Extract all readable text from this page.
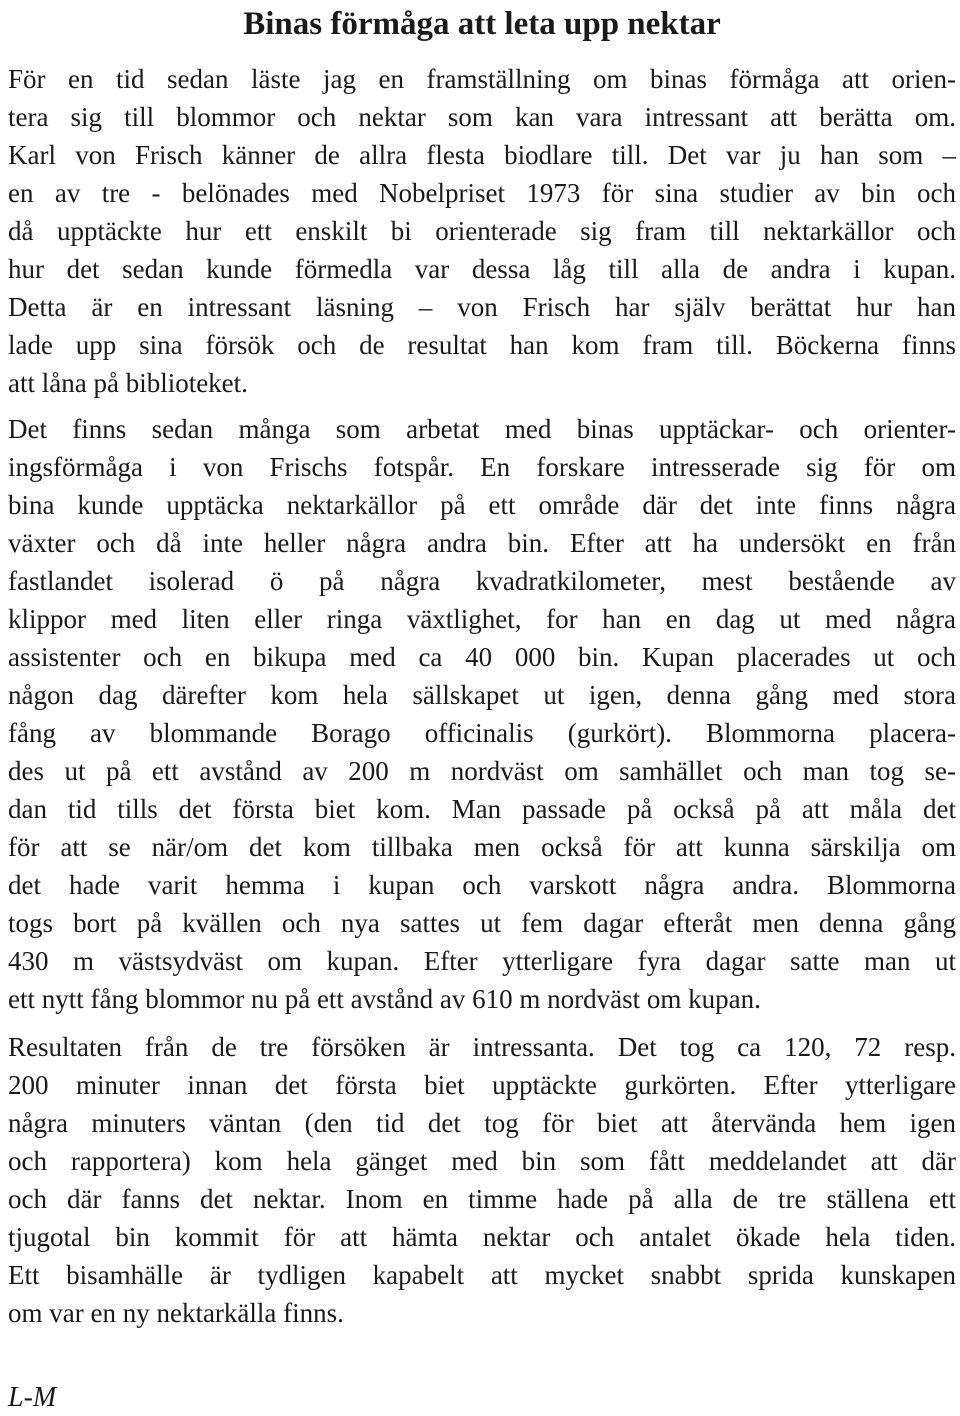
Binas förmåga att leta upp nektar

För en tid sedan läste jag en framställning om binas förmåga att orien-
tera sig till blommor och nektar som kan vara intressant att berätta om.

Karl von Frisch känner de allra flesta biodlare till. Det var ju han som –
en av tre - belönades med Nobelpriset 1973 för sina studier av bin och
då upptäckte hur ett enskilt bi orienterade sig fram till nektarkällor och
hur det sedan kunde förmedla var dessa låg till alla de andra i kupan.
Detta är en intressant läsning – von Frisch har själv berättat hur han
lade upp sina försök och de resultat han kom fram till. Böckerna finns
att låna på biblioteket.

Det finns sedan många som arbetat med binas upptäckar- och orienter-
ingsförmåga i von Frischs fotspår. En forskare intresserade sig för om
bina kunde upptäcka nektarkällor på ett område där det inte finns några
växter och då inte heller några andra bin. Efter att ha undersökt en från
fastlandet isolerad ö på några kvadratkilometer, mest bestående av
klippor med liten eller ringa växtlighet, for han en dag ut med några
assistenter och en bikupa med ca 40 000 bin. Kupan placerades ut och
någon dag därefter kom hela sällskapet ut igen, denna gång med stora
fång av blommande Borago officinalis (gurkört). Blommorna placera-
des ut på ett avstånd av 200 m nordväst om samhället och man tog se-
dan tid tills det första biet kom. Man passade på också på att måla det
för att se när/om det kom tillbaka men också för att kunna särskilja om
det hade varit hemma i kupan och varskott några andra. Blommorna
togs bort på kvällen och nya sattes ut fem dagar efteråt men denna gång
430 m västsydväst om kupan. Efter ytterligare fyra dagar satte man ut
ett nytt fång blommor nu på ett avstånd av 610 m nordväst om kupan.

Resultaten från de tre försöken är intressanta. Det tog ca 120, 72 resp.
200 minuter innan det första biet upptäckte gurkörten. Efter ytterligare
några minuters väntan (den tid det tog för biet att återvända hem igen
och rapportera) kom hela gänget med bin som fått meddelandet att där
och där fanns det nektar. Inom en timme hade på alla de tre ställena ett
tjugotal bin kommit för att hämta nektar och antalet ökade hela tiden.
Ett bisamhälle är tydligen kapabelt att mycket snabbt sprida kunskapen
om var en ny nektarkälla finns.

L-M
